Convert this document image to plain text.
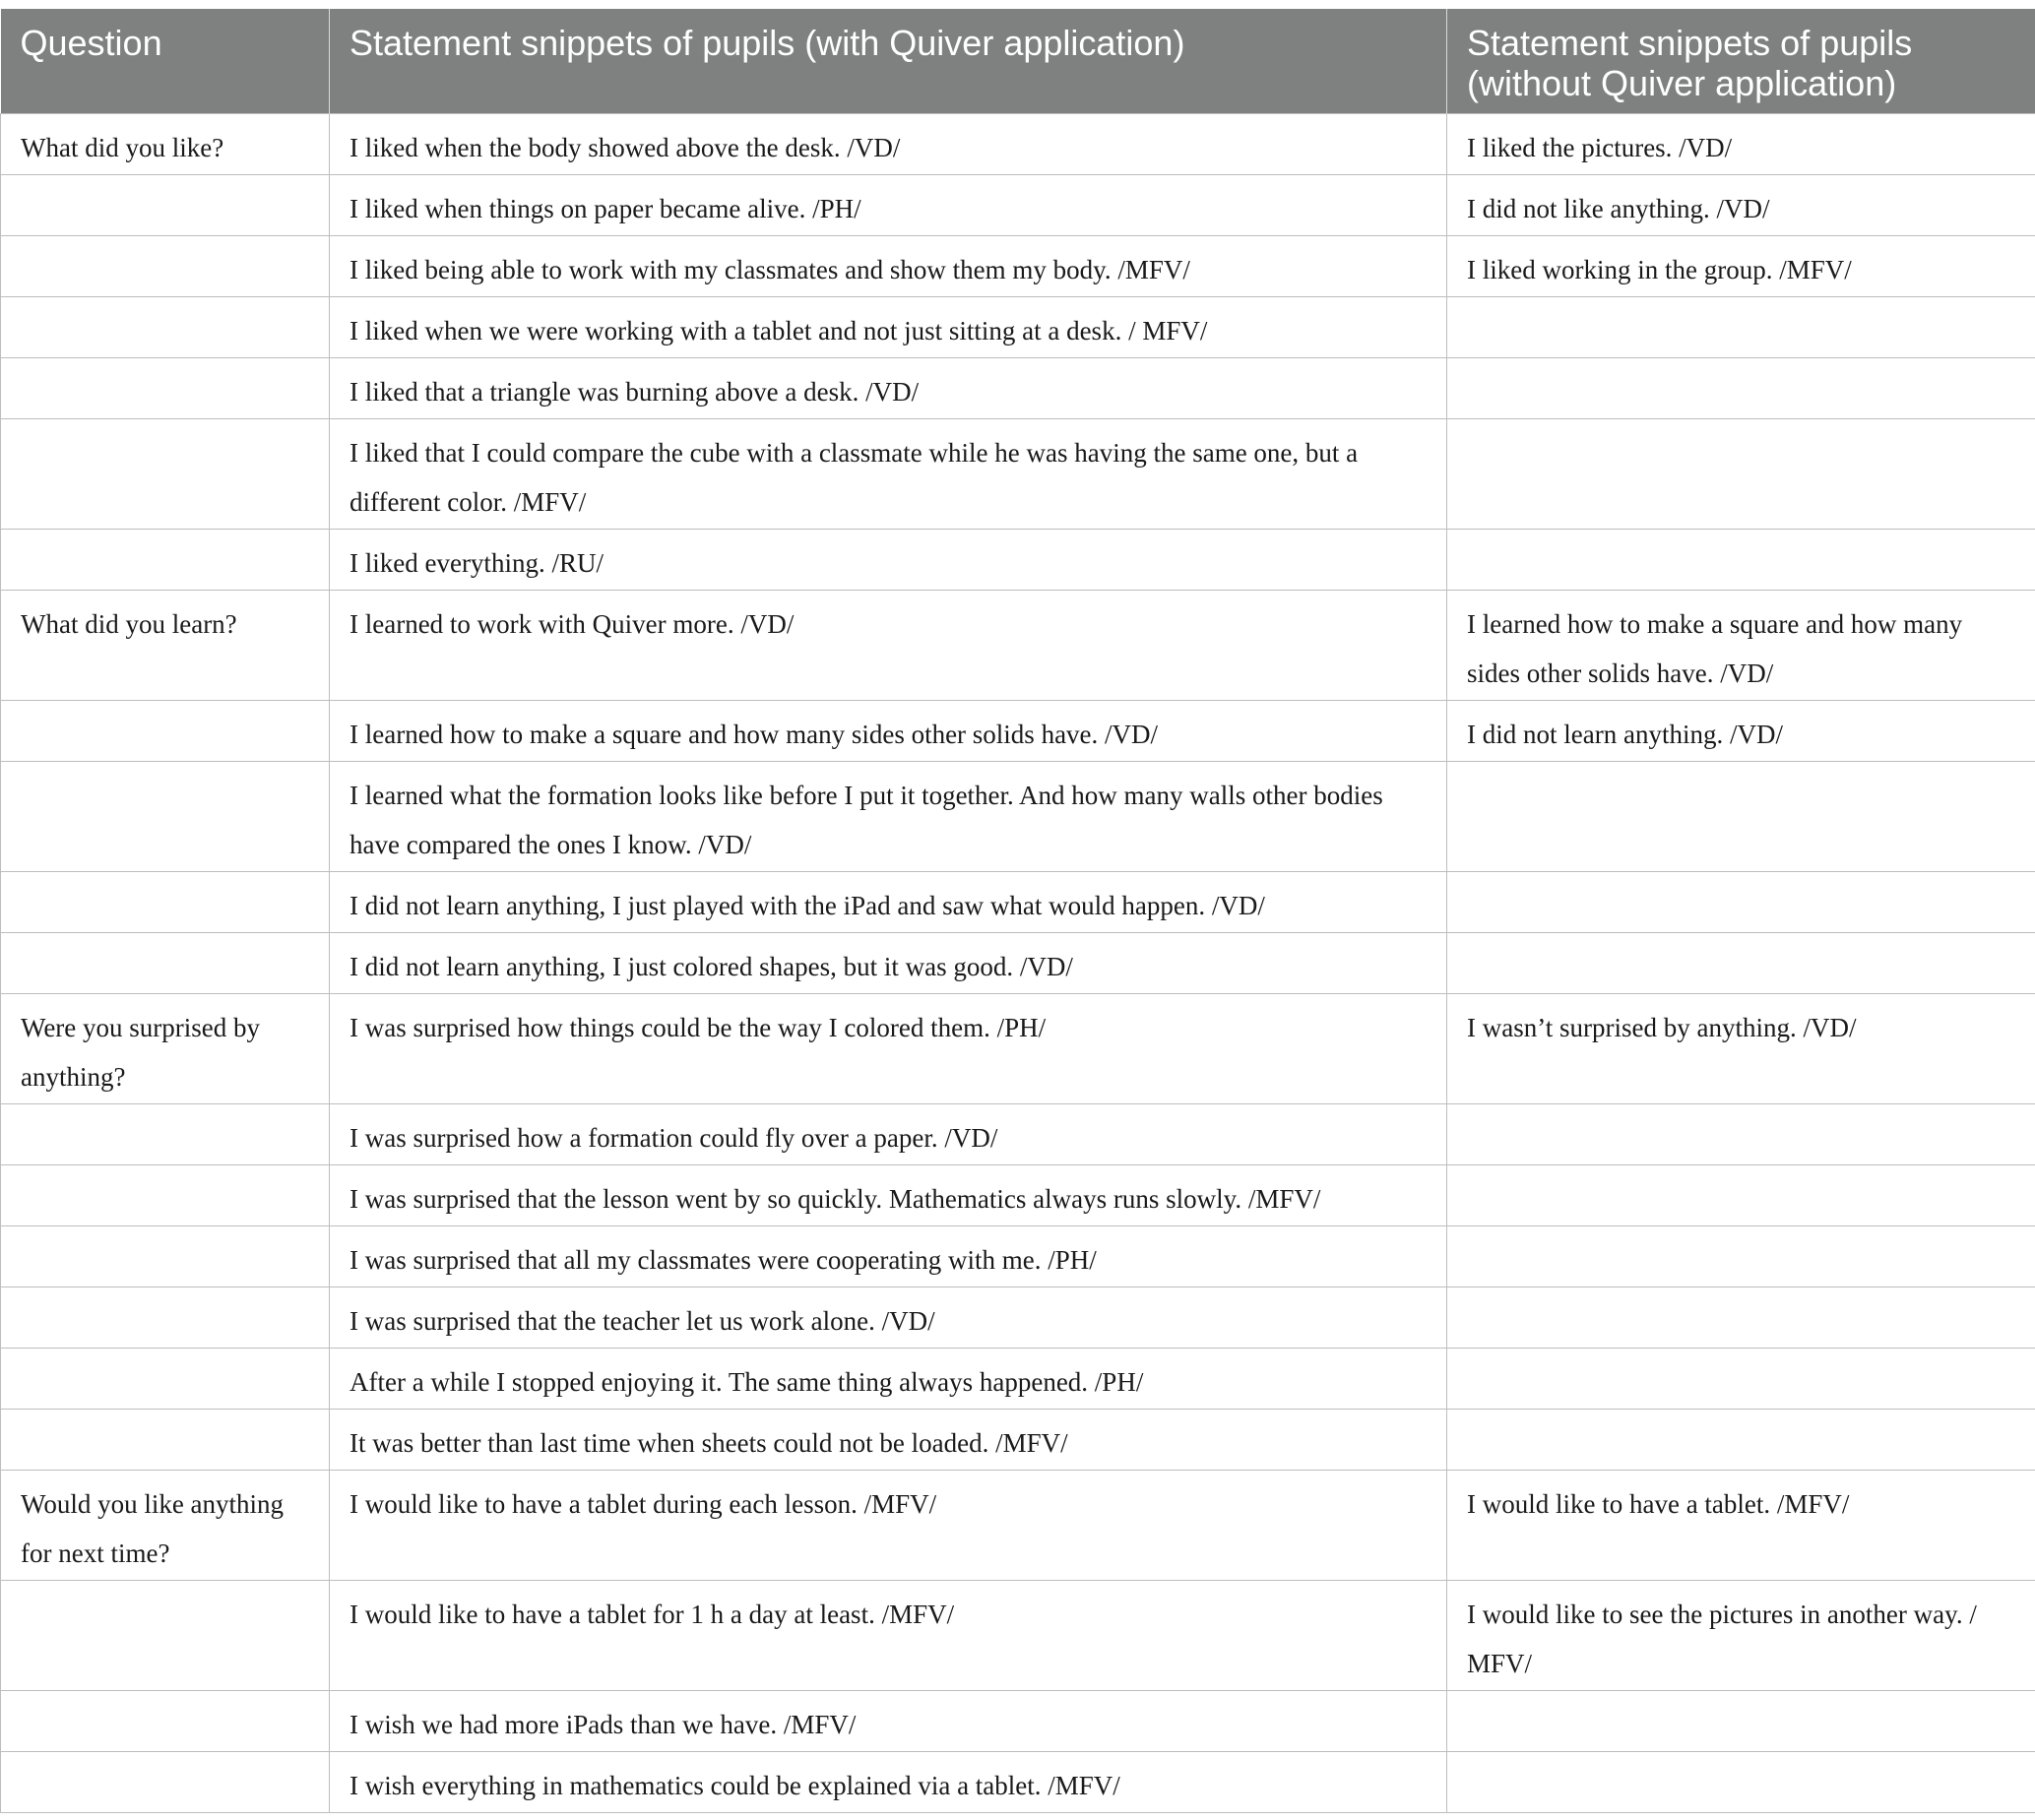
Question	Statement snippets of pupils (with Quiver application)	Statement snippets of pupils (without Quiver application)

What did you like?	I liked when the body showed above the desk. /VD/	I liked the pictures. /VD/
	I liked when things on paper became alive. /PH/	I did not like anything. /VD/
	I liked being able to work with my classmates and show them my body. /MFV/	I liked working in the group. /MFV/
	I liked when we were working with a tablet and not just sitting at a desk. / MFV/	
	I liked that a triangle was burning above a desk. /VD/	
	I liked that I could compare the cube with a classmate while he was having the same one, but a different color. /MFV/	
	I liked everything. /RU/	
What did you learn?	I learned to work with Quiver more. /VD/	I learned how to make a square and how many sides other solids have. /VD/
	I learned how to make a square and how many sides other solids have. /VD/	I did not learn anything. /VD/
	I learned what the formation looks like before I put it together. And how many walls other bodies have compared the ones I know. /VD/	
	I did not learn anything, I just played with the iPad and saw what would happen. /VD/	
	I did not learn anything, I just colored shapes, but it was good. /VD/	
Were you surprised by anything?	I was surprised how things could be the way I colored them. /PH/	I wasn’t surprised by anything. /VD/
	I was surprised how a formation could fly over a paper. /VD/	
	I was surprised that the lesson went by so quickly. Mathematics always runs slowly. /MFV/	
	I was surprised that all my classmates were cooperating with me. /PH/	
	I was surprised that the teacher let us work alone. /VD/	
	After a while I stopped enjoying it. The same thing always happened. /PH/	
	It was better than last time when sheets could not be loaded. /MFV/	
Would you like anything for next time?	I would like to have a tablet during each lesson. /MFV/	I would like to have a tablet. /MFV/
	I would like to have a tablet for 1 h a day at least. /MFV/	I would like to see the pictures in another way. / MFV/
	I wish we had more iPads than we have. /MFV/	
	I wish everything in mathematics could be explained via a tablet. /MFV/	
